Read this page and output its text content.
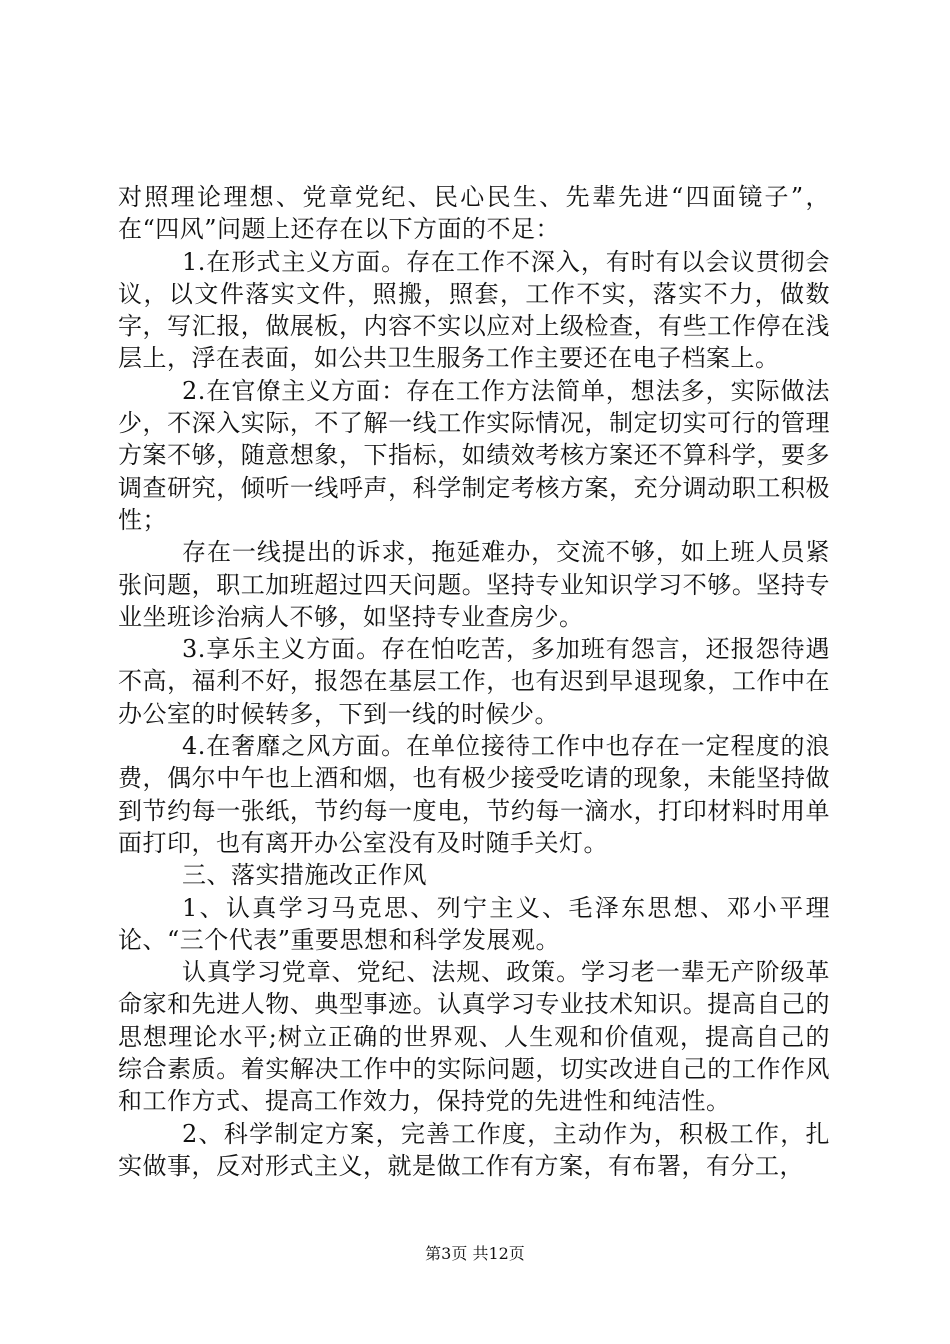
对照理论理想、党章党纪、民心民生、先辈先进“四面镜子”，在“四风”问题上还存在以下方面的不足：

1.在形式主义方面。存在工作不深入，有时有以会议贯彻会议，以文件落实文件，照搬，照套，工作不实，落实不力，做数字，写汇报，做展板，内容不实以应对上级检查，有些工作停在浅层上，浮在表面，如公共卫生服务工作主要还在电子档案上。

2.在官僚主义方面：存在工作方法简单，想法多，实际做法少，不深入实际，不了解一线工作实际情况，制定切实可行的管理方案不够，随意想象，下指标，如绩效考核方案还不算科学，要多调查研究，倾听一线呼声，科学制定考核方案，充分调动职工积极性；

存在一线提出的诉求，拖延难办，交流不够，如上班人员紧张问题，职工加班超过四天问题。坚持专业知识学习不够。坚持专业坐班诊治病人不够，如坚持专业查房少。

3.享乐主义方面。存在怕吃苦，多加班有怨言，还报怨待遇不高，福利不好，报怨在基层工作，也有迟到早退现象，工作中在办公室的时候转多，下到一线的时候少。

4.在奢靡之风方面。在单位接待工作中也存在一定程度的浪费，偶尔中午也上酒和烟，也有极少接受吃请的现象，未能坚持做到节约每一张纸，节约每一度电，节约每一滴水，打印材料时用单面打印，也有离开办公室没有及时随手关灯。

三、落实措施改正作风

1、认真学习马克思、列宁主义、毛泽东思想、邓小平理论、“三个代表”重要思想和科学发展观。

认真学习党章、党纪、法规、政策。学习老一辈无产阶级革命家和先进人物、典型事迹。认真学习专业技术知识。提高自己的思想理论水平;树立正确的世界观、人生观和价值观，提高自己的综合素质。着实解决工作中的实际问题，切实改进自己的工作作风和工作方式、提高工作效力，保持党的先进性和纯洁性。

2、科学制定方案，完善工作度，主动作为，积极工作，扎实做事，反对形式主义，就是做工作有方案，有布署，有分工，

第3页 共12页
